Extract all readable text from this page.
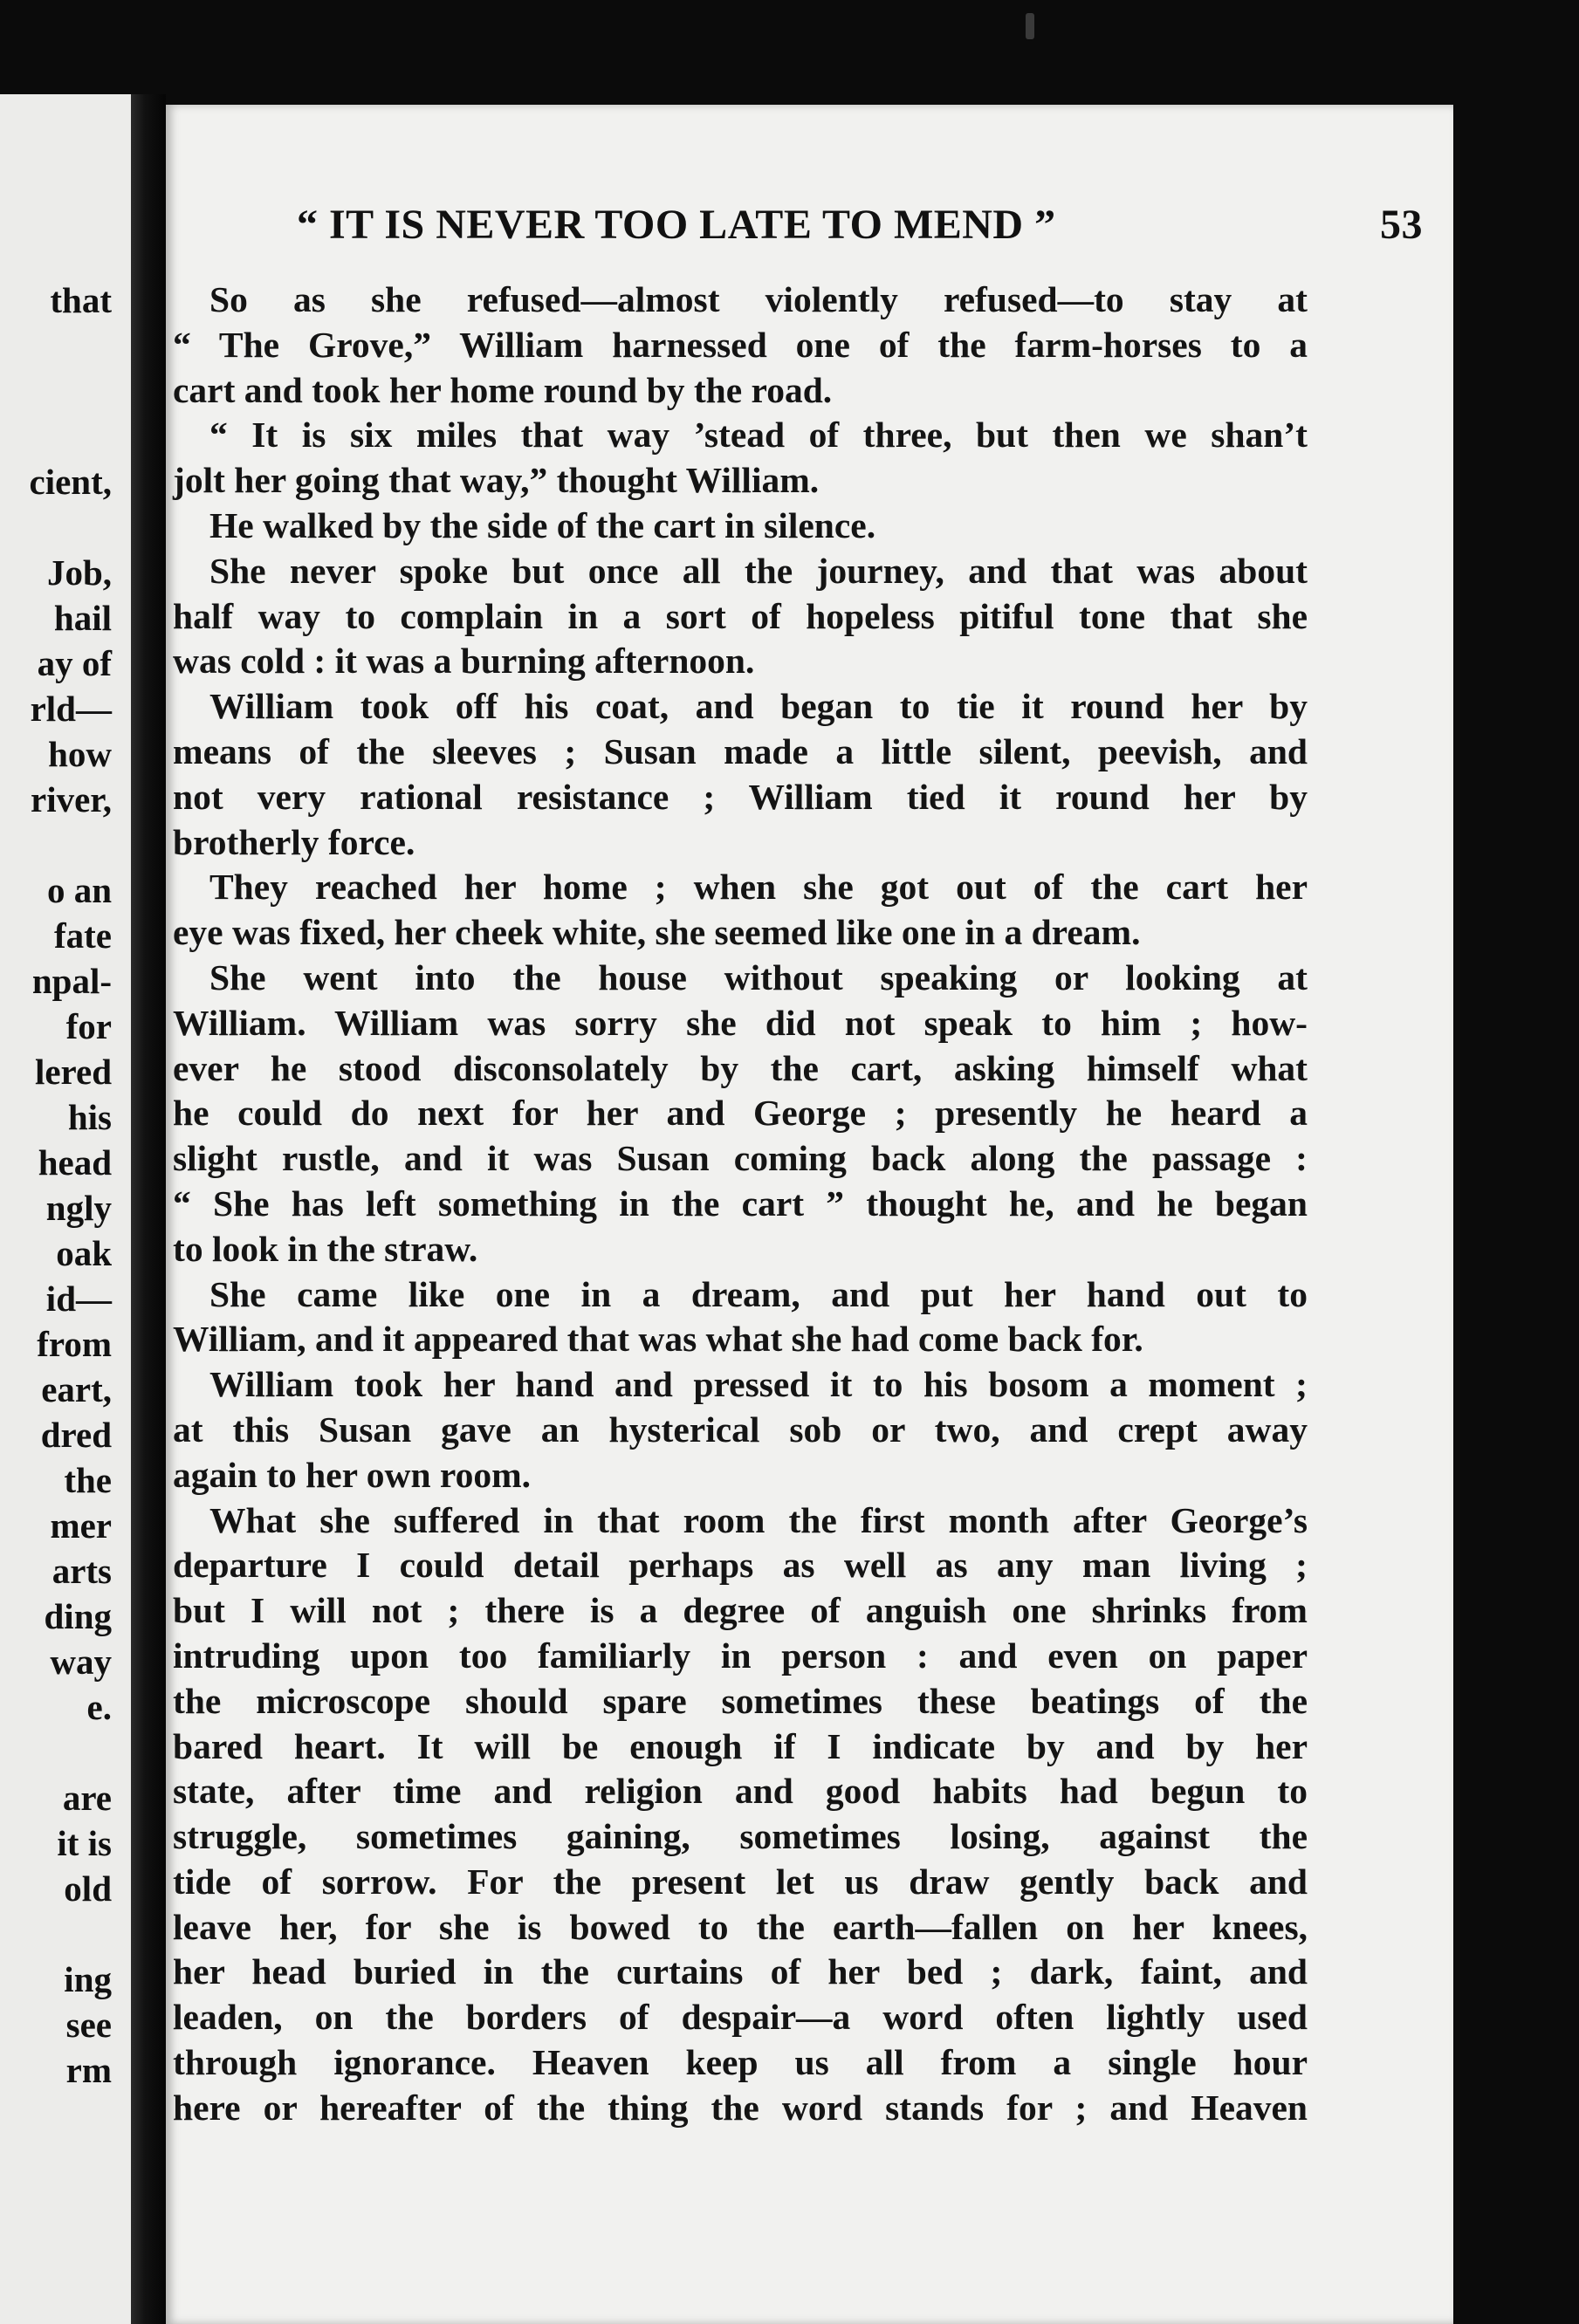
that
cient,
Job,
hail
ay of
rld—
how
river,
o an
fate
npal-
for
lered
his
head
ngly
oak
id—
from
eart,
dred
the
mer
arts
ding
way
e.
are
it is
old
ing
see
rm
“ IT IS NEVER TOO LATE TO MEND ”	53
So as she refused—almost violently refused—to stay at
“ The Grove,” William harnessed one of the farm-horses to a
cart and took her home round by the road.
“ It is six miles that way ’stead of three, but then we shan’t
jolt her going that way,” thought William.
He walked by the side of the cart in silence.
She never spoke but once all the journey, and that was about
half way to complain in a sort of hopeless pitiful tone that she
was cold : it was a burning afternoon.
William took off his coat, and began to tie it round her by
means of the sleeves ; Susan made a little silent, peevish, and
not very rational resistance ; William tied it round her by
brotherly force.
They reached her home ; when she got out of the cart her
eye was fixed, her cheek white, she seemed like one in a dream.
She went into the house without speaking or looking at
William. William was sorry she did not speak to him ; how-
ever he stood disconsolately by the cart, asking himself what
he could do next for her and George ; presently he heard a
slight rustle, and it was Susan coming back along the passage :
“ She has left something in the cart ” thought he, and he began
to look in the straw.
She came like one in a dream, and put her hand out to
William, and it appeared that was what she had come back for.
William took her hand and pressed it to his bosom a moment ;
at this Susan gave an hysterical sob or two, and crept away
again to her own room.
What she suffered in that room the first month after George’s
departure I could detail perhaps as well as any man living ;
but I will not ; there is a degree of anguish one shrinks from
intruding upon too familiarly in person : and even on paper
the microscope should spare sometimes these beatings of the
bared heart. It will be enough if I indicate by and by her
state, after time and religion and good habits had begun to
struggle, sometimes gaining, sometimes losing, against the
tide of sorrow. For the present let us draw gently back and
leave her, for she is bowed to the earth—fallen on her knees,
her head buried in the curtains of her bed ; dark, faint, and
leaden, on the borders of despair—a word often lightly used
through ignorance. Heaven keep us all from a single hour
here or hereafter of the thing the word stands for ; and Heaven
